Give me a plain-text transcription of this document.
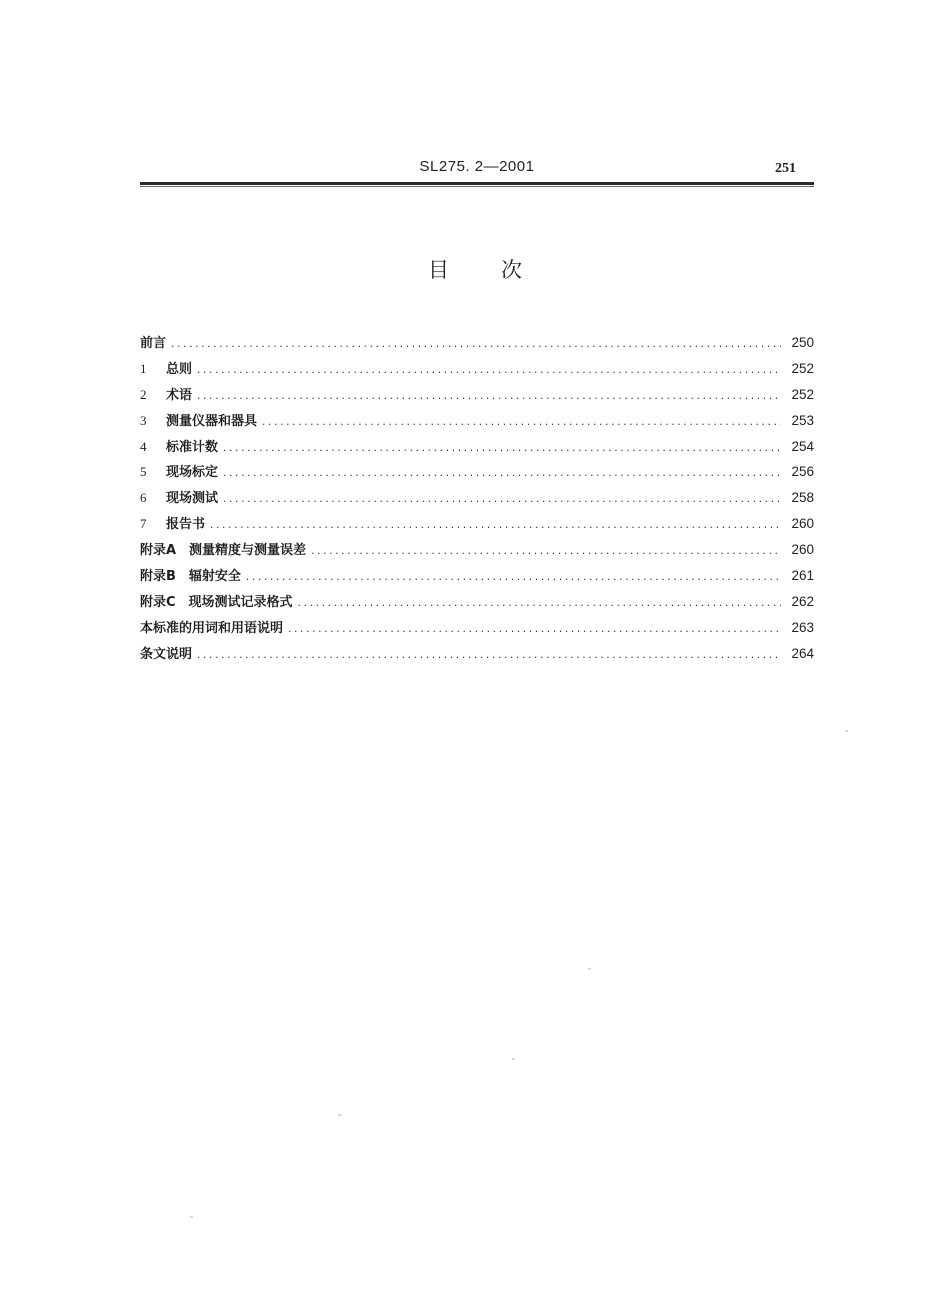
SL275. 2—2001	251
目次
前言 .....	250
1	总则 .....	252
2	术语 .....	252
3	测量仪器和器具 .....	253
4	标准计数 .....	254
5	现场标定 .....	256
6	现场测试 .....	258
7	报告书 .....	260
附录A　测量精度与测量误差 .....	260
附录B　辐射安全 .....	261
附录C　现场测试记录格式 .....	262
本标准的用词和用语说明 .....	263
条文说明 .....	264
